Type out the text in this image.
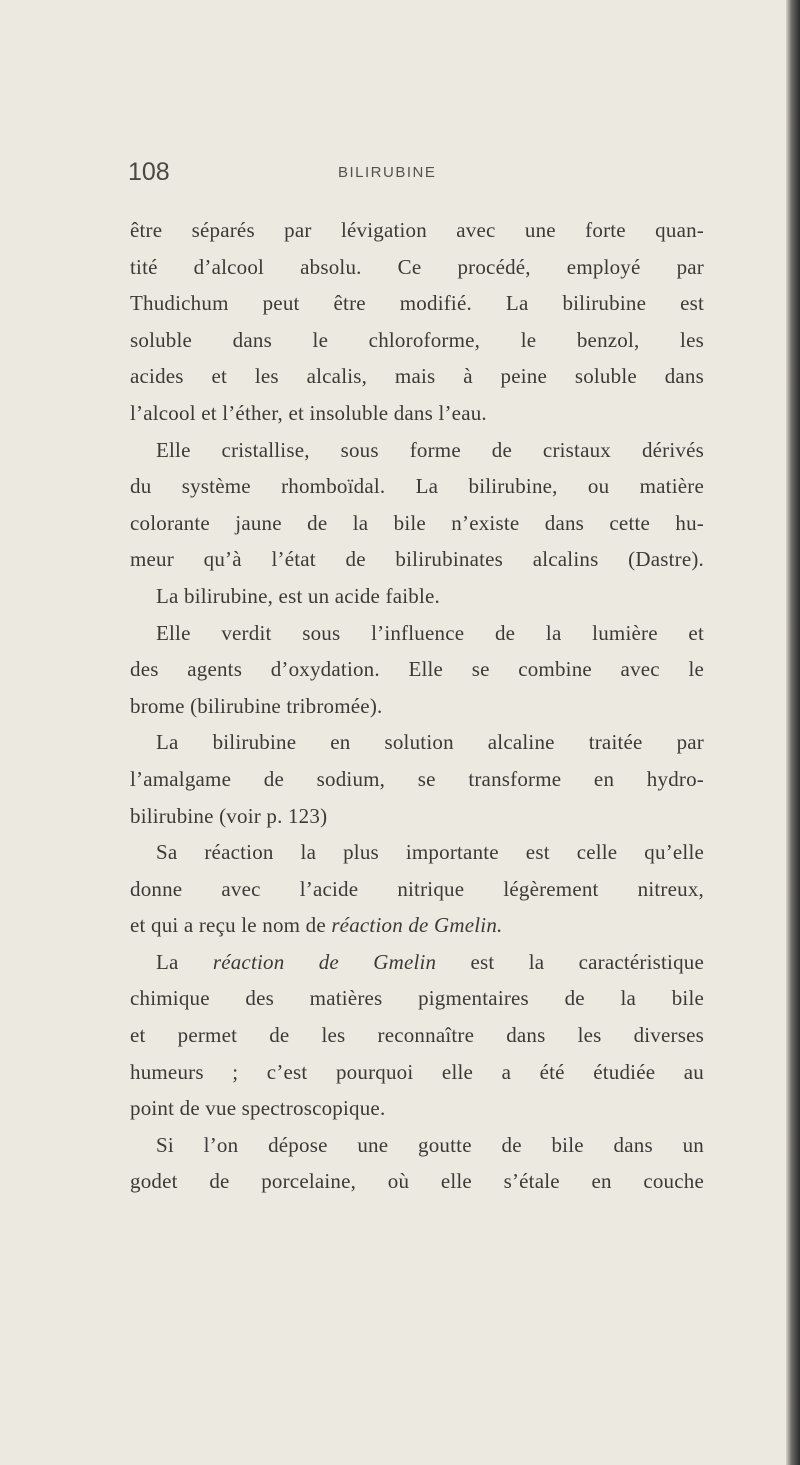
108	BILIRUBINE
être séparés par lévigation avec une forte quan-
tité d’alcool absolu. Ce procédé, employé par
Thudichum peut être modifié. La bilirubine est
soluble dans le chloroforme, le benzol, les
acides et les alcalis, mais à peine soluble dans
l’alcool et l’éther, et insoluble dans l’eau.
Elle cristallise, sous forme de cristaux dérivés
du système rhomboïdal. La bilirubine, ou matière
colorante jaune de la bile n’existe dans cette hu-
meur qu’à l’état de bilirubinates alcalins (Dastre).
La bilirubine, est un acide faible.
Elle verdit sous l’influence de la lumière et
des agents d’oxydation. Elle se combine avec le
brome (bilirubine tribromée).
La bilirubine en solution alcaline traitée par
l’amalgame de sodium, se transforme en hydro-
bilirubine (voir p. 123)
Sa réaction la plus importante est celle qu’elle
donne avec l’acide nitrique légèrement nitreux,
et qui a reçu le nom de réaction de Gmelin.
La réaction de Gmelin est la caractéristique
chimique des matières pigmentaires de la bile
et permet de les reconnaître dans les diverses
humeurs ; c’est pourquoi elle a été étudiée au
point de vue spectroscopique.
Si l’on dépose une goutte de bile dans un
godet de porcelaine, où elle s’étale en couche
